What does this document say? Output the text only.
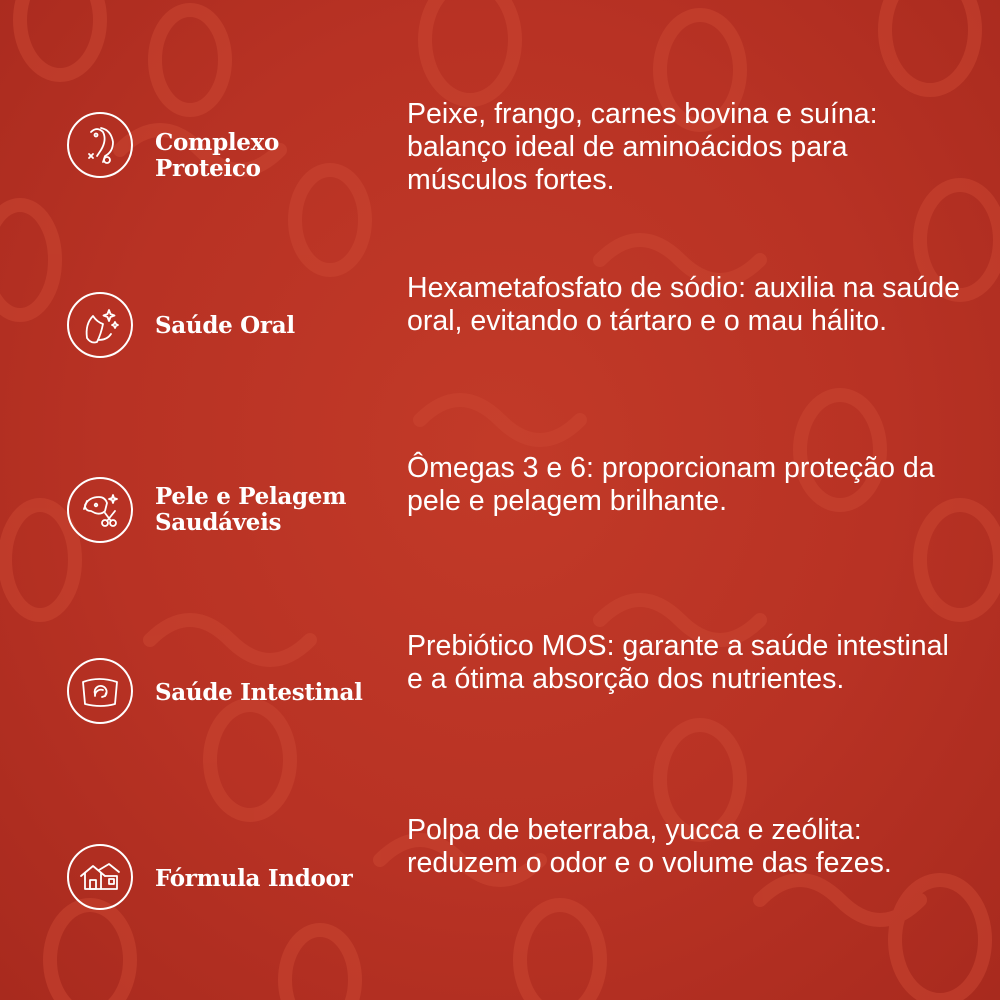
Complexo Proteico
Peixe, frango, carnes bovina e suína: balanço ideal de aminoácidos para músculos fortes.
Saúde Oral
Hexametafosfato de sódio: auxilia na saúde oral, evitando o tártaro e o mau hálito.
Pele e Pelagem Saudáveis
Ômegas 3 e 6: proporcionam proteção da pele e pelagem brilhante.
Saúde Intestinal
Prebiótico MOS: garante a saúde intestinal e a ótima absorção dos nutrientes.
Fórmula Indoor
Polpa de beterraba, yucca e zeólita: reduzem o odor e o volume das fezes.
